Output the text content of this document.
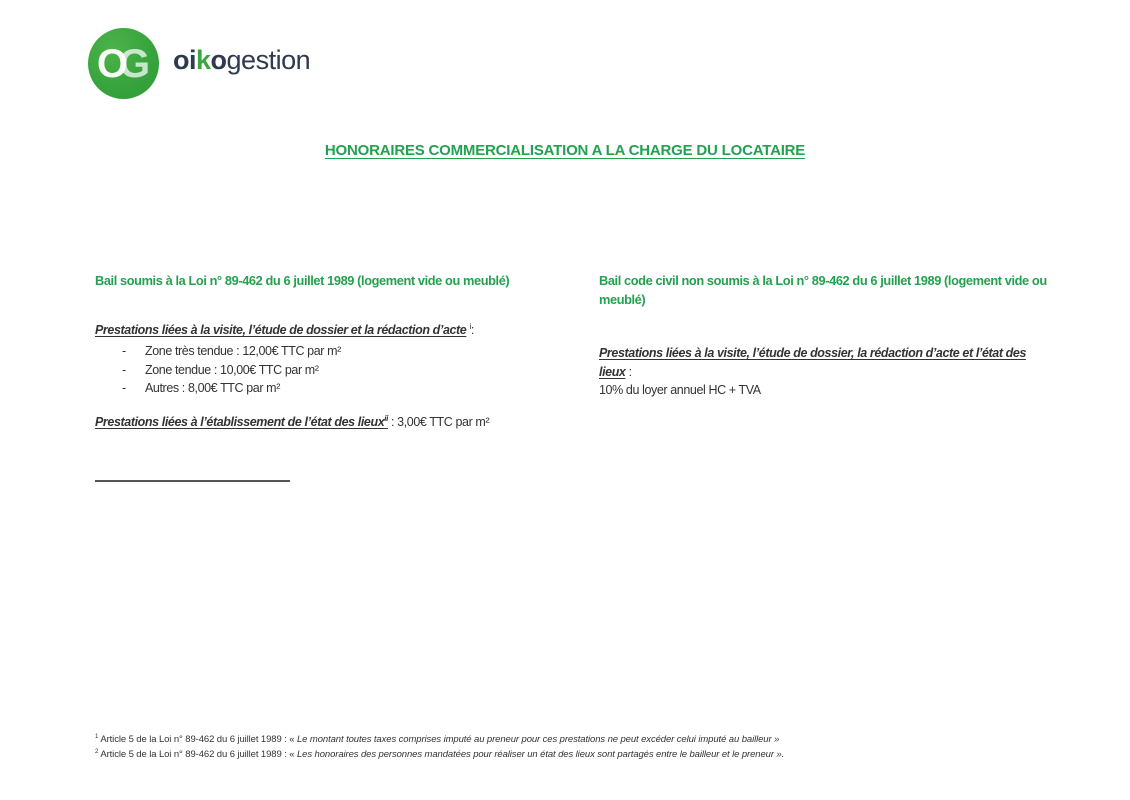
OG	oikogestion
HONORAIRES COMMERCIALISATION A LA CHARGE DU LOCATAIRE
Bail soumis à la Loi n° 89-462 du 6 juillet 1989 (logement vide ou meublé)
Prestations liées à la visite, l’étude de dossier et la rédaction d’acte $^i$:
-	Zone très tendue : 12,00€ TTC par m²
-	Zone tendue : 10,00€ TTC par m²
-	Autres : 8,00€ TTC par m²
Prestations liées à l’établissement de l’état des lieux$^{ii}$ : 3,00€ TTC par m²
Bail code civil non soumis à la Loi n° 89-462 du 6 juillet 1989 (logement vide ou meublé)
Prestations liées à la visite, l’étude de dossier, la rédaction d’acte et l’état des lieux :
10% du loyer annuel HC + TVA
$^1$ Article 5 de la Loi n° 89-462 du 6 juillet 1989 : « Le montant toutes taxes comprises imputé au preneur pour ces prestations ne peut excéder celui imputé au bailleur »
$^2$ Article 5 de la Loi n° 89-462 du 6 juillet 1989 : « Les honoraires des personnes mandatées pour réaliser un état des lieux sont partagés entre le bailleur et le preneur ».
